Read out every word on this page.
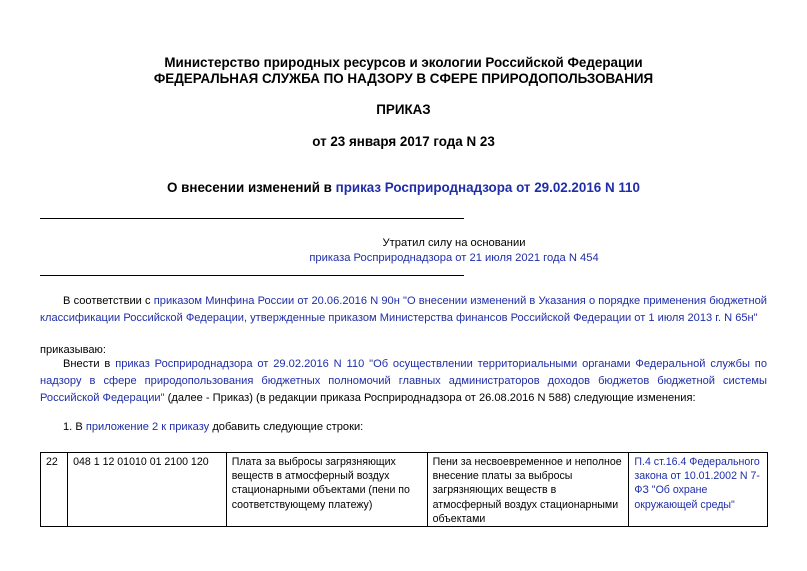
Министерство природных ресурсов и экологии Российской Федерации
ФЕДЕРАЛЬНАЯ СЛУЖБА ПО НАДЗОРУ В СФЕРЕ ПРИРОДОПОЛЬЗОВАНИЯ
ПРИКАЗ
от 23 января 2017 года N 23
О внесении изменений в приказ Росприроднадзора от 29.02.2016 N 110
Утратил силу на основании
приказа Росприроднадзора от 21 июля 2021 года N 454
В соответствии с приказом Минфина России от 20.06.2016 N 90н "О внесении изменений в Указания о порядке применения бюджетной классификации Российской Федерации, утвержденные приказом Министерства финансов Российской Федерации от 1 июля 2013 г. N 65н"
приказываю:
Внести в приказ Росприроднадзора от 29.02.2016 N 110 "Об осуществлении территориальными органами Федеральной службы по надзору в сфере природопользования бюджетных полномочий главных администраторов доходов бюджетов бюджетной системы Российской Федерации" (далее - Приказ) (в редакции приказа Росприроднадзора от 26.08.2016 N 588) следующие изменения:
1. В приложение 2 к приказу добавить следующие строки:
22	048 1 12 01010 01 2100 120	Плата за выбросы загрязняющих веществ в атмосферный воздух стационарными объектами (пени по соответствующему платежу)	Пени за несвоевременное и неполное внесение платы за выбросы загрязняющих веществ в атмосферный воздух стационарными объектами	П.4 ст.16.4 Федерального закона от 10.01.2002 N 7-ФЗ "Об охране окружающей среды"
